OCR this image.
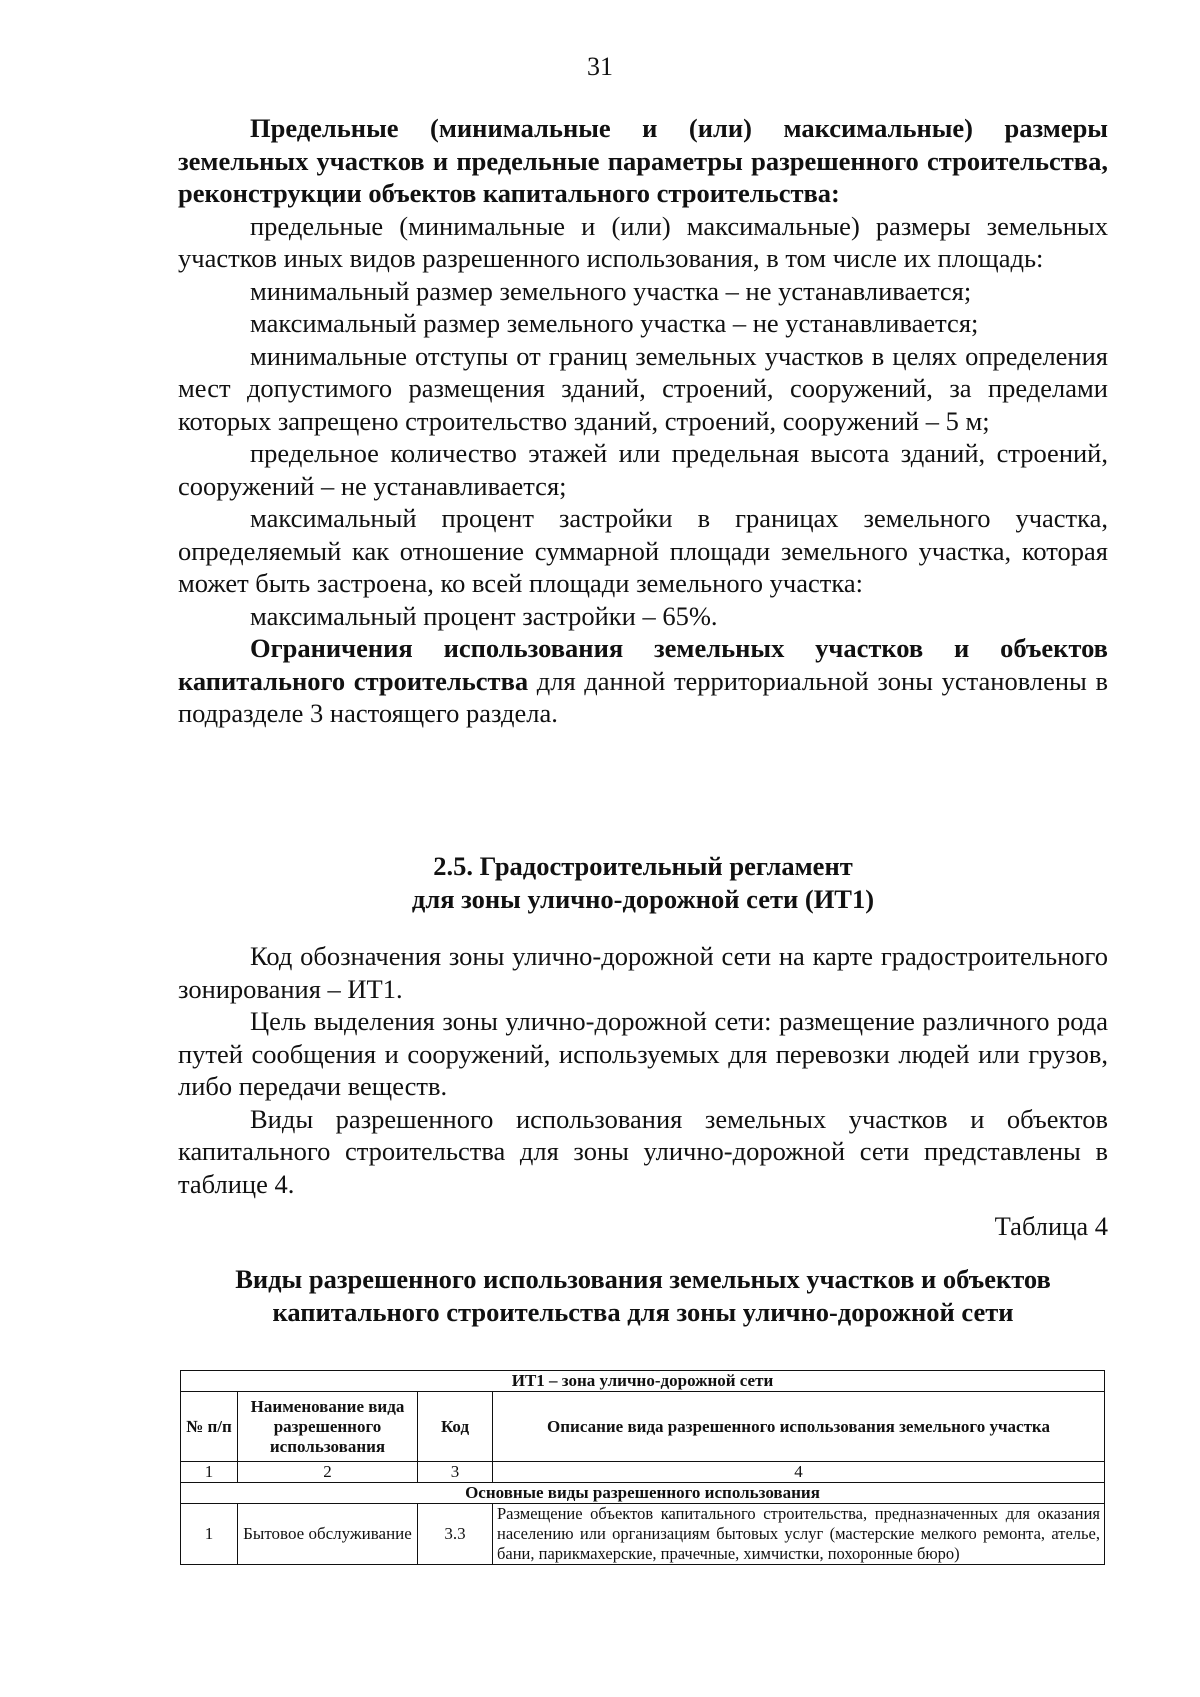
31

Предельные (минимальные и (или) максимальные) размеры земельных участков и предельные параметры разрешенного строительства, реконструкции объектов капитального строительства:

предельные (минимальные и (или) максимальные) размеры земельных участков иных видов разрешенного использования, в том числе их площадь:

минимальный размер земельного участка – не устанавливается;

максимальный размер земельного участка – не устанавливается;

минимальные отступы от границ земельных участков в целях определения мест допустимого размещения зданий, строений, сооружений, за пределами которых запрещено строительство зданий, строений, сооружений – 5 м;

предельное количество этажей или предельная высота зданий, строений, сооружений – не устанавливается;

максимальный процент застройки в границах земельного участка, определяемый как отношение суммарной площади земельного участка, которая может быть застроена, ко всей площади земельного участка:

максимальный процент застройки – 65%.

Ограничения использования земельных участков и объектов капитального строительства для данной территориальной зоны установлены в подразделе 3 настоящего раздела.

2.5. Градостроительный регламент
для зоны улично-дорожной сети (ИТ1)

Код обозначения зоны улично-дорожной сети на карте градостроительного зонирования – ИТ1.

Цель выделения зоны улично-дорожной сети: размещение различного рода путей сообщения и сооружений, используемых для перевозки людей или грузов, либо передачи веществ.

Виды разрешенного использования земельных участков и объектов капитального строительства для зоны улично-дорожной сети представлены в таблице 4.

Таблица 4

Виды разрешенного использования земельных участков и объектов
капитального строительства для зоны улично-дорожной сети
ИТ1 – зона улично-дорожной сети			
№ п/п	Наименование вида разрешенного использования	Код	Описание вида разрешенного использования земельного участка
1	2	3	4
Основные виды разрешенного использования			
1	Бытовое обслуживание	3.3	Размещение объектов капитального строительства, предназначенных для оказания населению или организациям бытовых услуг (мастерские мелкого ремонта, ателье, бани, парикмахерские, прачечные, химчистки, похоронные бюро)
